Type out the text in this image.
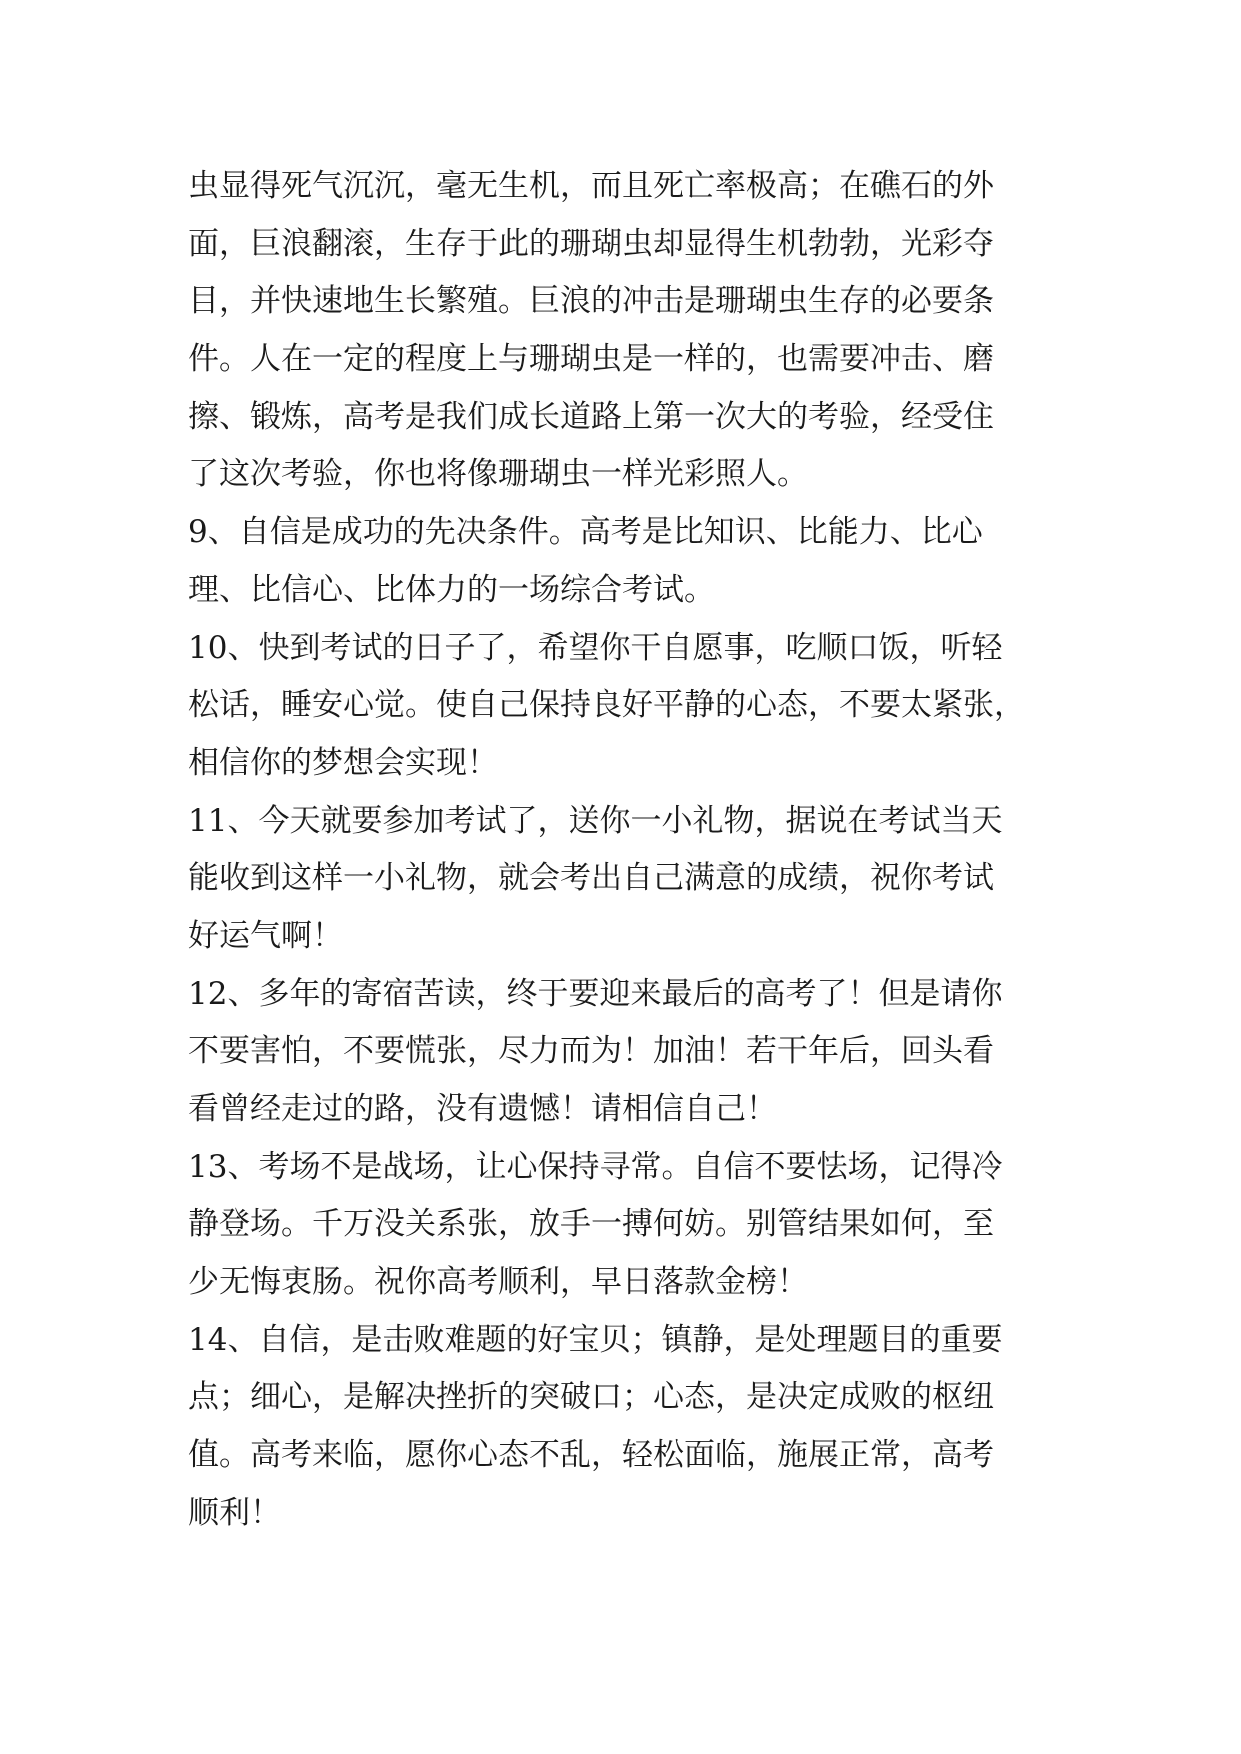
虫显得死气沉沉，毫无生机，而且死亡率极高；在礁石的外
面，巨浪翻滚，生存于此的珊瑚虫却显得生机勃勃，光彩夺
目，并快速地生长繁殖。巨浪的冲击是珊瑚虫生存的必要条
件。人在一定的程度上与珊瑚虫是一样的，也需要冲击、磨
擦、锻炼，高考是我们成长道路上第一次大的考验，经受住
了这次考验，你也将像珊瑚虫一样光彩照人。
9、自信是成功的先决条件。高考是比知识、比能力、比心
理、比信心、比体力的一场综合考试。
10、快到考试的日子了，希望你干自愿事，吃顺口饭，听轻
松话，睡安心觉。使自己保持良好平静的心态，不要太紧张，
相信你的梦想会实现！
11、今天就要参加考试了，送你一小礼物，据说在考试当天
能收到这样一小礼物，就会考出自己满意的成绩，祝你考试
好运气啊！
12、多年的寄宿苦读，终于要迎来最后的高考了！但是请你
不要害怕，不要慌张，尽力而为！加油！若干年后，回头看
看曾经走过的路，没有遗憾！请相信自己！
13、考场不是战场，让心保持寻常。自信不要怯场，记得冷
静登场。千万没关系张，放手一搏何妨。别管结果如何，至
少无悔衷肠。祝你高考顺利，早日落款金榜！
14、自信，是击败难题的好宝贝；镇静，是处理题目的重要
点；细心，是解决挫折的突破口；心态，是决定成败的枢纽
值。高考来临，愿你心态不乱，轻松面临，施展正常，高考
顺利！
